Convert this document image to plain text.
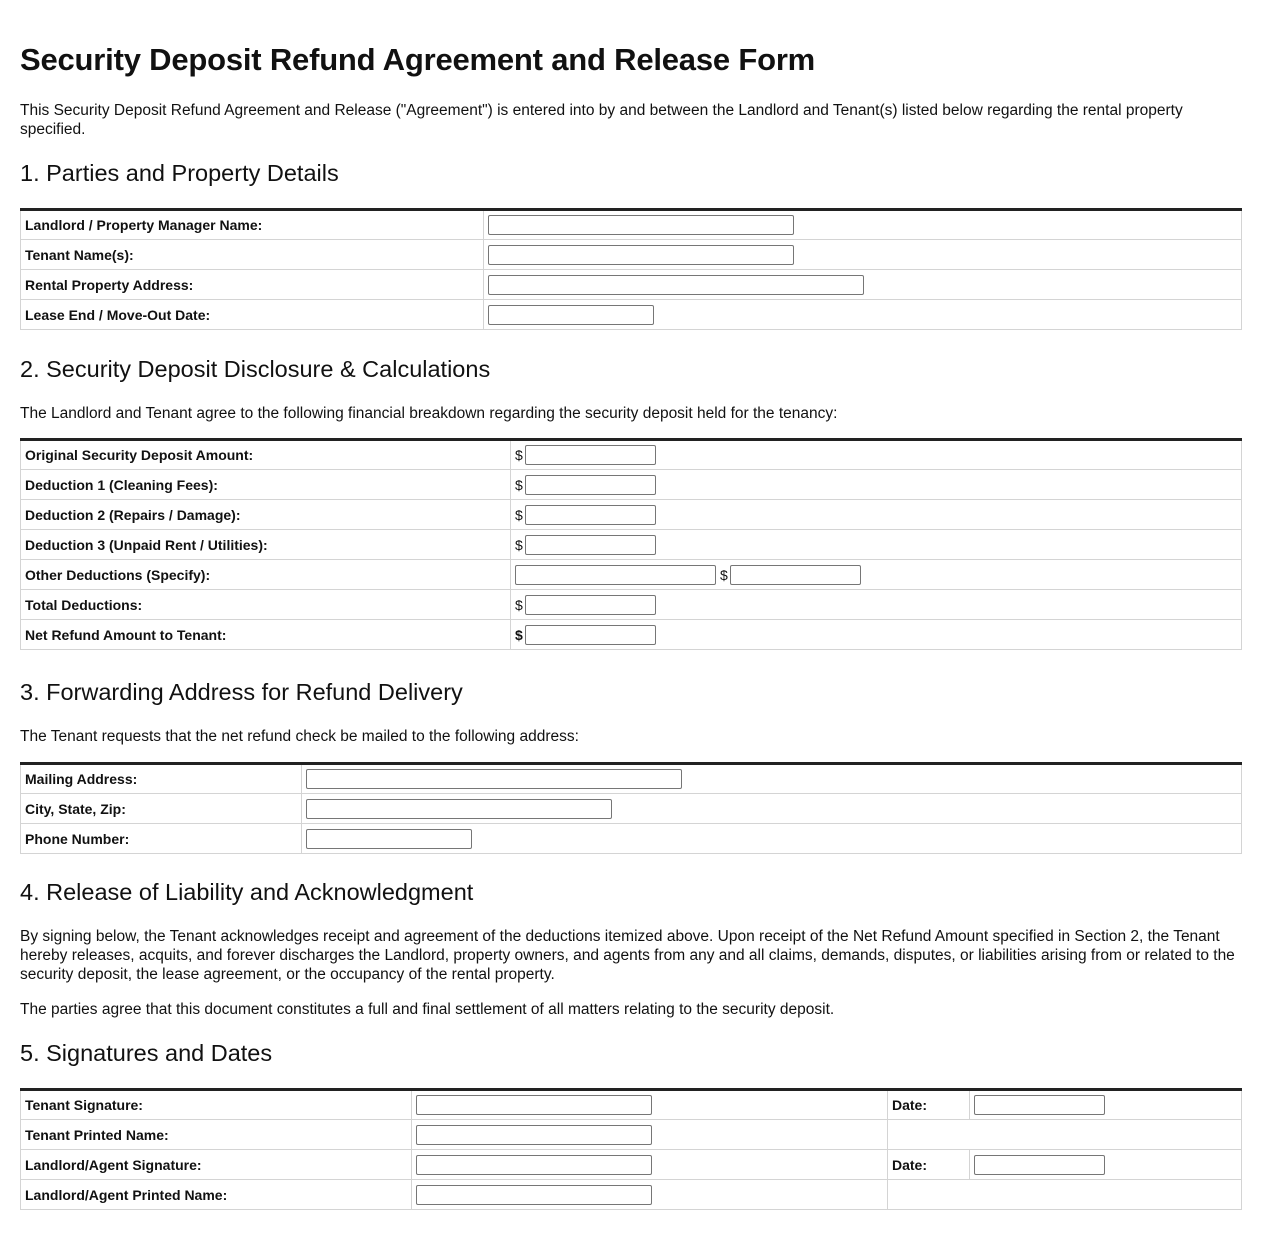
Security Deposit Refund Agreement and Release Form

This Security Deposit Refund Agreement and Release ("Agreement") is entered into by and between the Landlord and Tenant(s) listed below regarding the rental property specified.

1. Parties and Property Details
Landlord / Property Manager Name:	
Tenant Name(s):	
Rental Property Address:	
Lease End / Move-Out Date:	
2. Security Deposit Disclosure & Calculations

The Landlord and Tenant agree to the following financial breakdown regarding the security deposit held for the tenancy:

Original Security Deposit Amount:	$
Deduction 1 (Cleaning Fees):	$
Deduction 2 (Repairs / Damage):	$
Deduction 3 (Unpaid Rent / Utilities):	$
Other Deductions (Specify):	$
Total Deductions:	$
Net Refund Amount to Tenant:	$
3. Forwarding Address for Refund Delivery

The Tenant requests that the net refund check be mailed to the following address:

Mailing Address:	
City, State, Zip:	
Phone Number:	
4. Release of Liability and Acknowledgment

By signing below, the Tenant acknowledges receipt and agreement of the deductions itemized above. Upon receipt of the Net Refund Amount specified in Section 2, the Tenant hereby releases, acquits, and forever discharges the Landlord, property owners, and agents from any and all claims, demands, disputes, or liabilities arising from or related to the security deposit, the lease agreement, or the occupancy of the rental property.

The parties agree that this document constitutes a full and final settlement of all matters relating to the security deposit.

5. Signatures and Dates
Tenant Signature:		Date:	
Tenant Printed Name:			
Landlord/Agent Signature:		Date:	
Landlord/Agent Printed Name:			
